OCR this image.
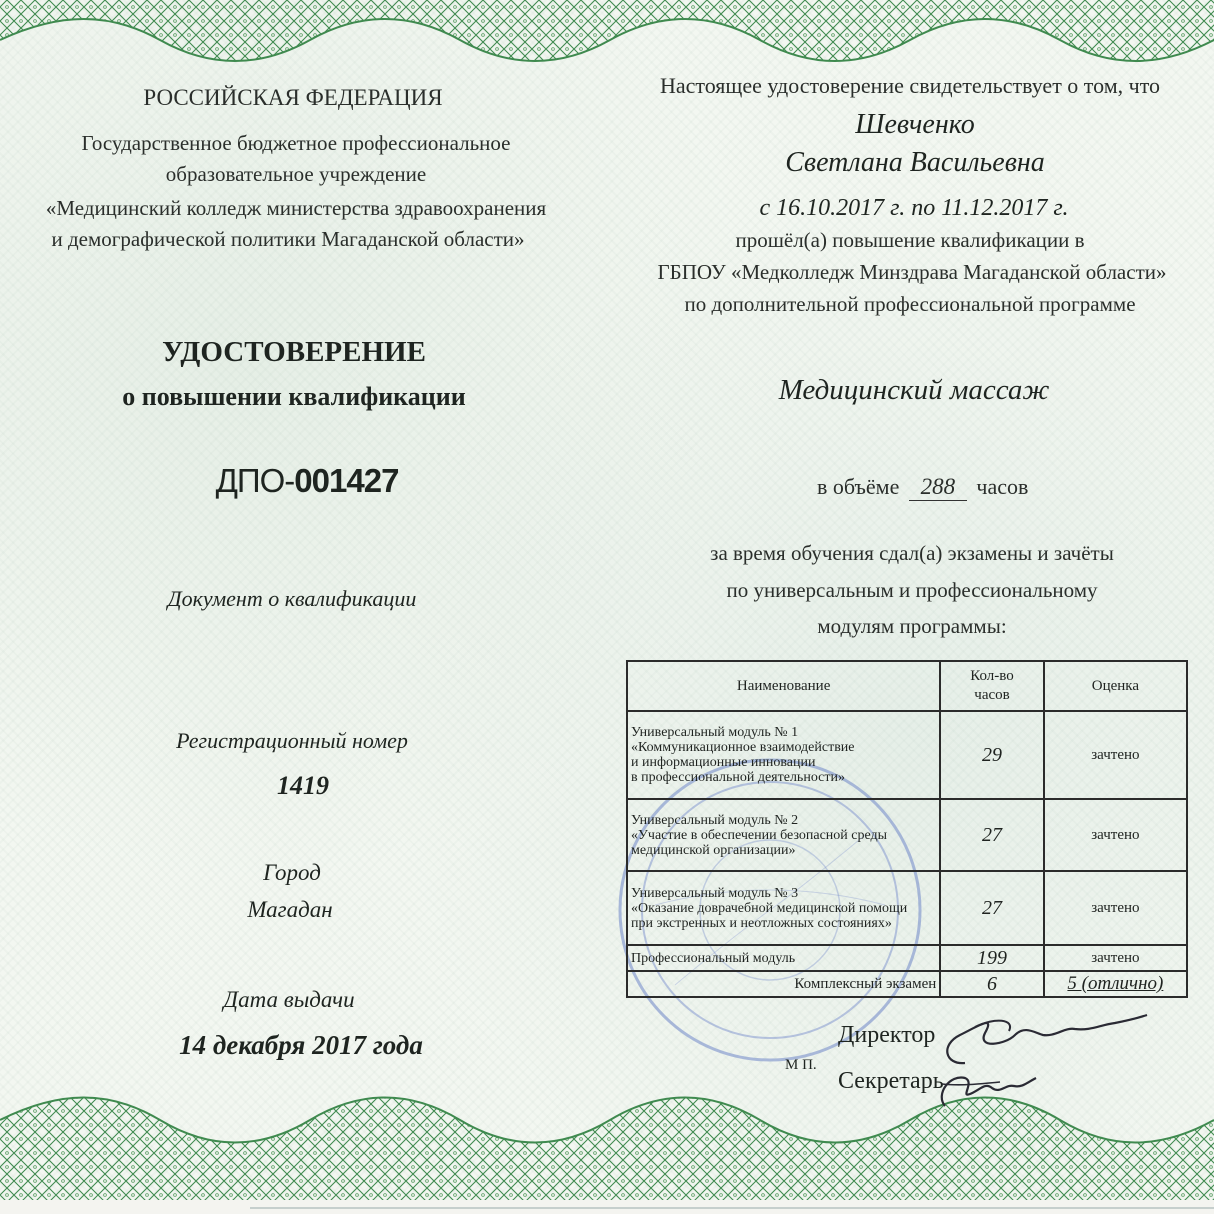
РОССИЙСКАЯ ФЕДЕРАЦИЯ
Государственное бюджетное профессиональное
образовательное учреждение
«Медицинский колледж министерства здравоохранения
и демографической политики Магаданской области»
УДОСТОВЕРЕНИЕ
о повышении квалификации
ДПО-001427
Документ о квалификации
Регистрационный номер
1419
Город
Магадан
Дата выдачи
14 декабря 2017 года
Настоящее удостоверение свидетельствует о том, что
Шевченко
Светлана Васильевна
с 16.10.2017 г. по 11.12.2017 г.
прошёл(а) повышение квалификации в
ГБПОУ «Медколледж Минздрава Магаданской области»
по дополнительной профессиональной программе
Медицинский массаж
в объёме 288 часов
за время обучения сдал(а) экзамены и зачёты
по универсальным и профессиональному
модулям программы:
Наименование	Кол-во часов	Оценка
Универсальный модуль № 1
«Коммуникационное взаимодействие
и информационные инновации
в профессиональной деятельности»	29	зачтено
Универсальный модуль № 2
«Участие в обеспечении безопасной среды
медицинской организации»	27	зачтено
Универсальный модуль № 3
«Оказание доврачебной медицинской помощи
при экстренных и неотложных состояниях»	27	зачтено
Профессиональный модуль	199	зачтено
Комплексный экзамен	6	5 (отлично)
М П.
Директор
Секретарь
